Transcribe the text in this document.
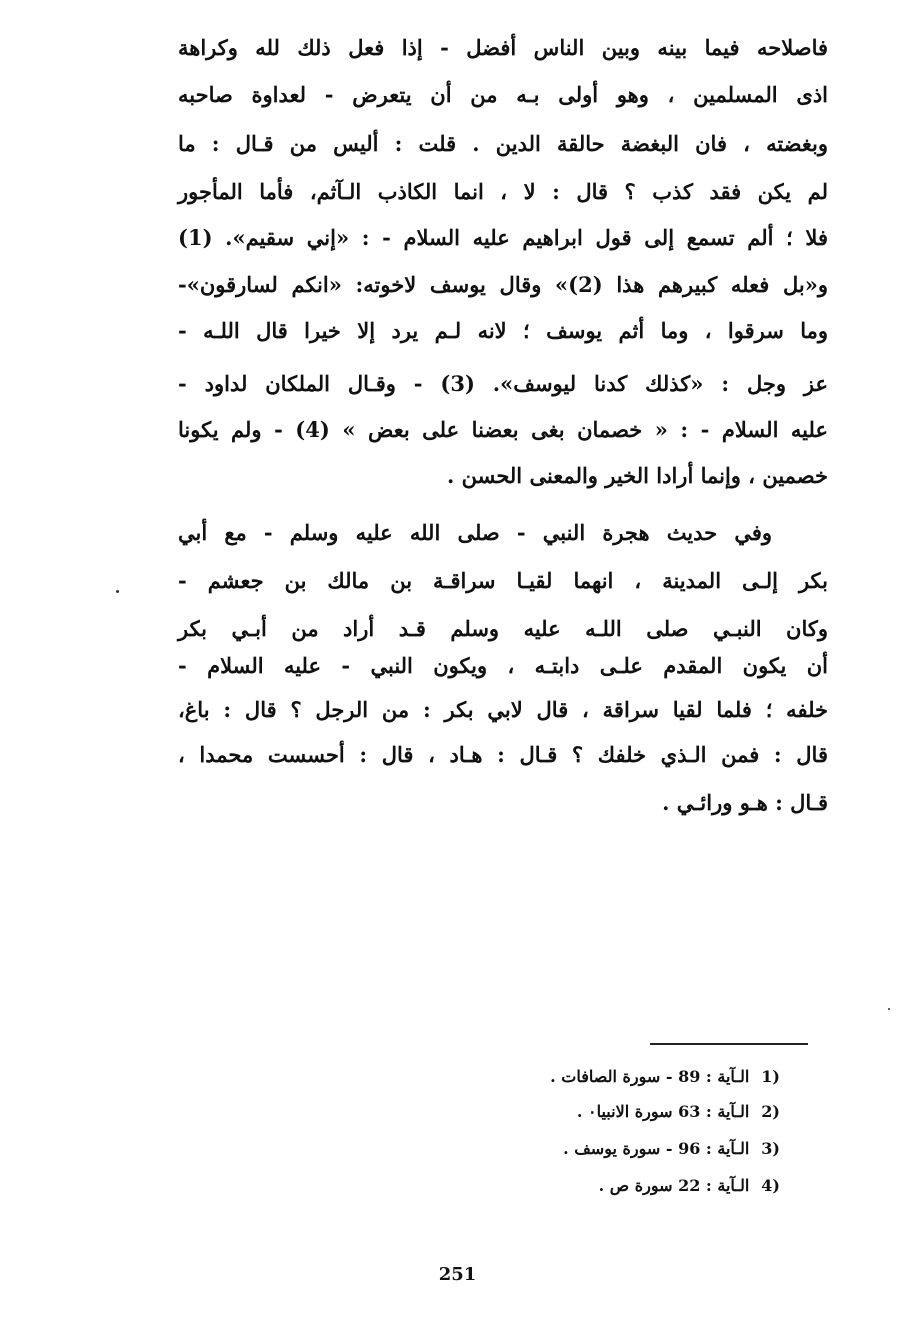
فاصلاحه فيما بينه وبين الناس أفضل - إذا فعل ذلك لله وكراهة
اذى المسلمين ، وهو أولى بـه من أن يتعرض - لعداوة صاحبه
وبغضته ، فان البغضة حالقة الدين . قلت : أليس من قـال : ما
لم يكن فقد كذب ؟ قال : لا ، انما الكاذب الـآثم، فأما المأجور
فلا ؛ ألم تسمع إلى قول ابراهيم عليه السلام - : «إني سقيم». (1)
و«بل فعله كبيرهم هذا (2)» وقال يوسف لاخوته: «انكم لسارقون»-
وما سرقوا ، وما أثم يوسف ؛ لانه لـم يرد إلا خيرا قال اللـه -
عز وجل : «كذلك كدنا ليوسف». (3) - وقـال الملكان لداود -
عليه السلام - : « خصمان بغى بعضنا على بعض » (4) - ولم يكونا
خصمين ، وإنما أرادا الخير والمعنى الحسن .
وفي حديث هجرة النبي - صلى الله عليه وسلم - مع أبي
بكر إلـى المدينة ، انهما لقيـا سراقـة بن مالك بن جعشم -
وكان النبـي صلى اللـه عليه وسلم قـد أراد من أبـي بكر
أن يكون المقدم علـى دابتـه ، ويكون النبي - عليه السلام -
خلفه ؛ فلما لقيا سراقة ، قال لابي بكر : من الرجل ؟ قال : باغ،
قال : فمن الـذي خلفك ؟ قـال : هـاد ، قال : أحسست محمدا ،
قـال : هـو ورائـي .
1)الـآية : 89 - سورة الصافات .
2)الـآية : 63 سورة الانبيا٠ .
3)الـآية : 96 - سورة يوسف .
4)الـآية : 22 سورة ص .
251
